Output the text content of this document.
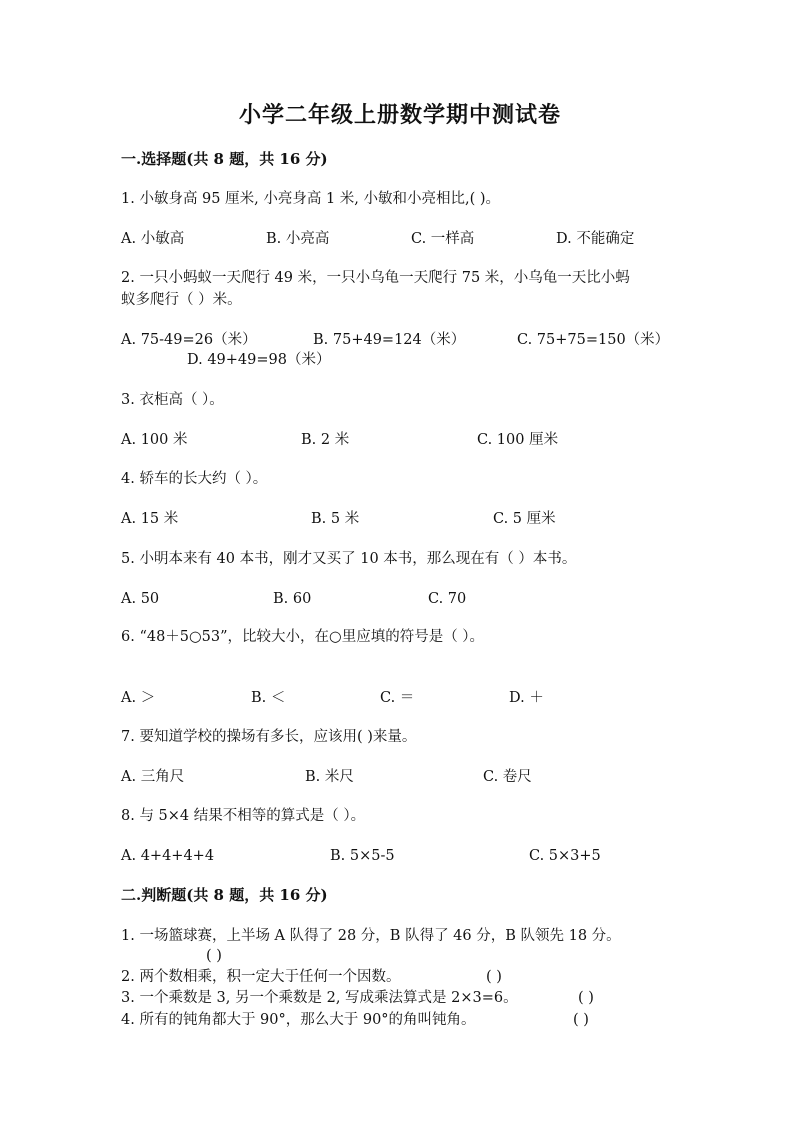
小学二年级上册数学期中测试卷
一.选择题(共 8 题，共 16 分)
1. 小敏身高 95 厘米, 小亮身高 1 米, 小敏和小亮相比,( )。
A. 小敏高	B. 小亮高	C. 一样高	D. 不能确定
2. 一只小蚂蚁一天爬行 49 米，一只小乌龟一天爬行 75 米，小乌龟一天比小蚂
蚁多爬行（ ）米。
A. 75-49=26（米）	B. 75+49=124（米）	C. 75+75=150（米）
D. 49+49=98（米）
3. 衣柜高（ ）。
A. 100 米	B. 2 米	C. 100 厘米
4. 轿车的长大约（ ）。
A. 15 米	B. 5 米	C. 5 厘米
5. 小明本来有 40 本书，刚才又买了 10 本书，那么现在有（ ）本书。
A. 50	B. 60	C. 70
6. “48＋5○53”，比较大小，在○里应填的符号是（ ）。
A. ＞	B. ＜	C. ＝	D. ＋
7. 要知道学校的操场有多长，应该用( )来量。
A. 三角尺	B. 米尺	C. 卷尺
8. 与 5×4 结果不相等的算式是（ ）。
A. 4+4+4+4	B. 5×5-5	C. 5×3+5
二.判断题(共 8 题，共 16 分)
1. 一场篮球赛，上半场 A 队得了 28 分，B 队得了 46 分，B 队领先 18 分。
( )
2. 两个数相乘，积一定大于任何一个因数。	( )
3. 一个乘数是 3, 另一个乘数是 2, 写成乘法算式是 2×3=6。	( )
4. 所有的钝角都大于 90°，那么大于 90°的角叫钝角。	( )
